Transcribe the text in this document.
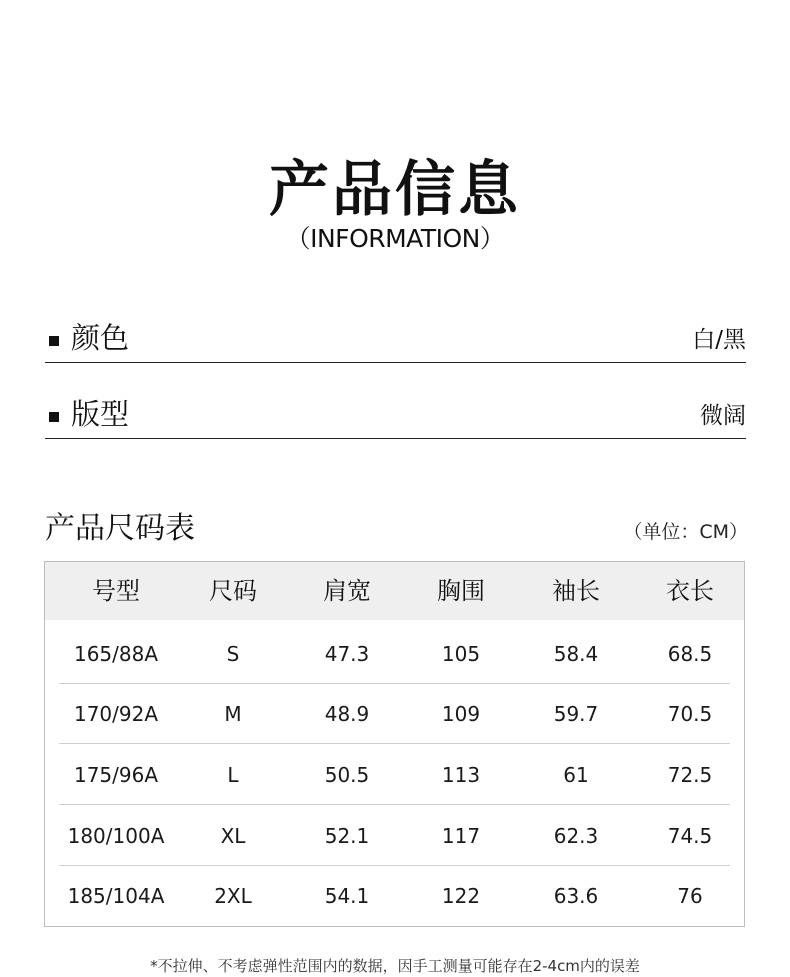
产品信息
（INFORMATION）
颜色	白/黑
版型	微阔
产品尺码表	（单位：CM）
号型	尺码	肩宽	胸围	袖长	衣长
165/88A	S	47.3	105	58.4	68.5
170/92A	M	48.9	109	59.7	70.5
175/96A	L	50.5	113	61	72.5
180/100A	XL	52.1	117	62.3	74.5
185/104A	2XL	54.1	122	63.6	76
*不拉伸、不考虑弹性范围内的数据，因手工测量可能存在2-4cm内的误差
